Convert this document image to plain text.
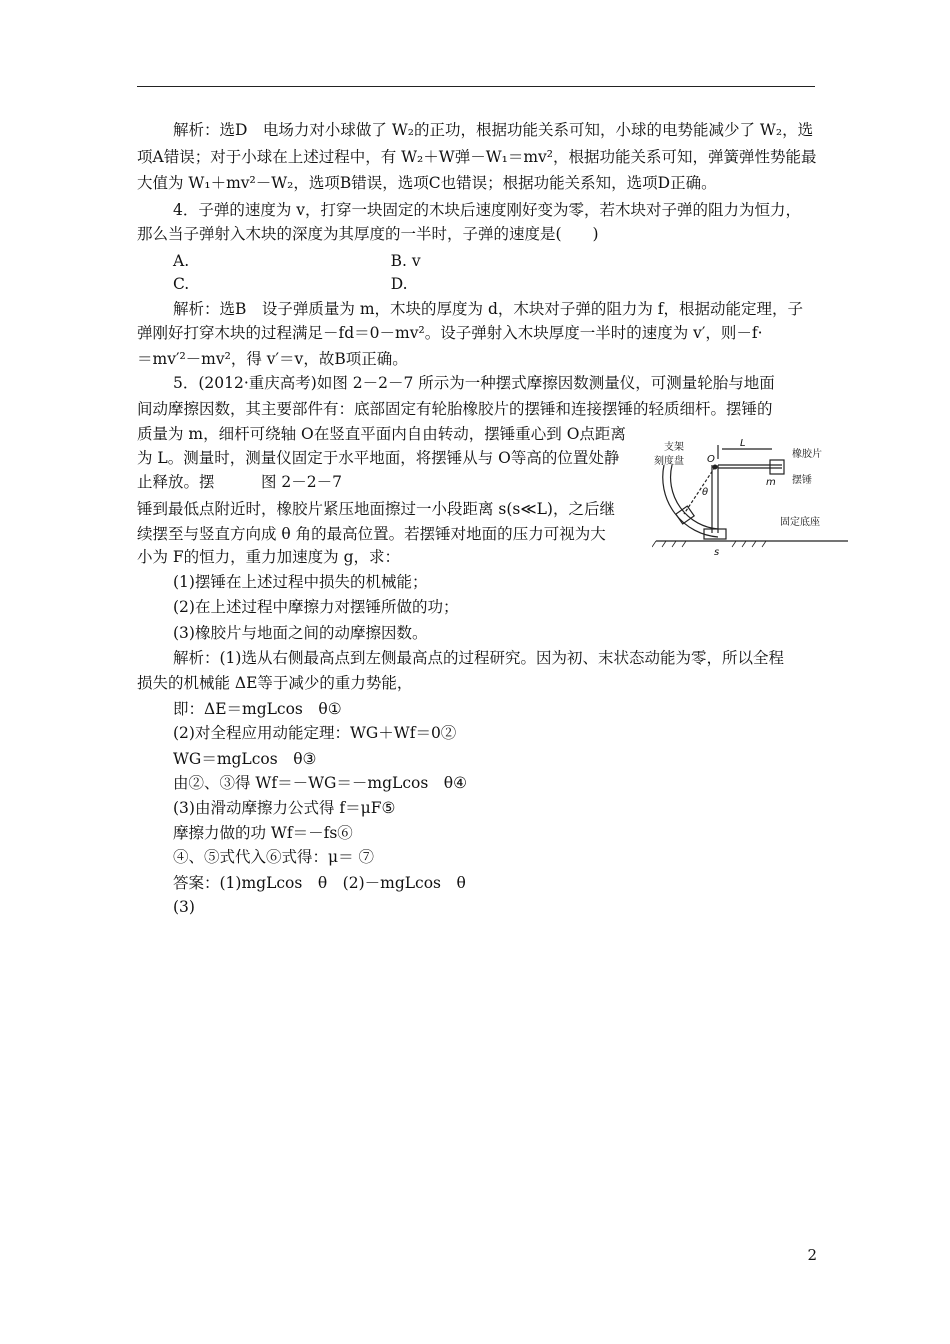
解析：选D　电场力对小球做了 W₂的正功，根据功能关系可知，小球的电势能减少了 W₂，选
项A错误；对于小球在上述过程中，有 W₂＋W弹－W₁＝mv²，根据功能关系可知，弹簧弹性势能最
大值为 W₁＋mv²－W₂，选项B错误，选项C也错误；根据功能关系知，选项D正确。
4．子弹的速度为 v，打穿一块固定的木块后速度刚好变为零，若木块对子弹的阻力为恒力，
那么当子弹射入木块的深度为其厚度的一半时，子弹的速度是(　　)
A.　　　　　　　　　　　　　B. v
C.　　　　　　　　　　　　　D.
解析：选B　设子弹质量为 m，木块的厚度为 d，木块对子弹的阻力为 f，根据动能定理，子
弹刚好打穿木块的过程满足－fd＝0－mv²。设子弹射入木块厚度一半时的速度为 v′，则－f·
＝mv′²－mv²，得 v′＝v，故B项正确。
5．(2012·重庆高考)如图 2－2－7 所示为一种摆式摩擦因数测量仪，可测量轮胎与地面
间动摩擦因数，其主要部件有：底部固定有轮胎橡胶片的摆锤和连接摆锤的轻质细杆。摆锤的
质量为 m，细杆可绕轴 O在竖直平面内自由转动，摆锤重心到 O点距离
为 L。测量时，测量仪固定于水平地面，将摆锤从与 O等高的位置处静
止释放。摆　　　图 2－2－7
锤到最低点附近时，橡胶片紧压地面擦过一小段距离 s(s≪L)，之后继
续摆至与竖直方向成 θ 角的最高位置。若摆锤对地面的压力可视为大
小为 F的恒力，重力加速度为 g，求：
(1)摆锤在上述过程中损失的机械能；
(2)在上述过程中摩擦力对摆锤所做的功；
(3)橡胶片与地面之间的动摩擦因数。
解析：(1)选从右侧最高点到左侧最高点的过程研究。因为初、末状态动能为零，所以全程
损失的机械能 ΔE等于减少的重力势能，
即：ΔE＝mgLcos　θ①
(2)对全程应用动能定理：WG＋Wf＝0②
WG＝mgLcos　θ③
由②、③得 Wf＝－WG＝－mgLcos　θ④
(3)由滑动摩擦力公式得 f＝μF⑤
摩擦力做的功 Wf＝－fs⑥
④、⑤式代入⑥式得：μ＝ ⑦
答案：(1)mgLcos　θ　(2)－mgLcos　θ
(3)
支架
刻度盘 O
L
橡胶片
m 摆锤
固定底座
θ
s
2
